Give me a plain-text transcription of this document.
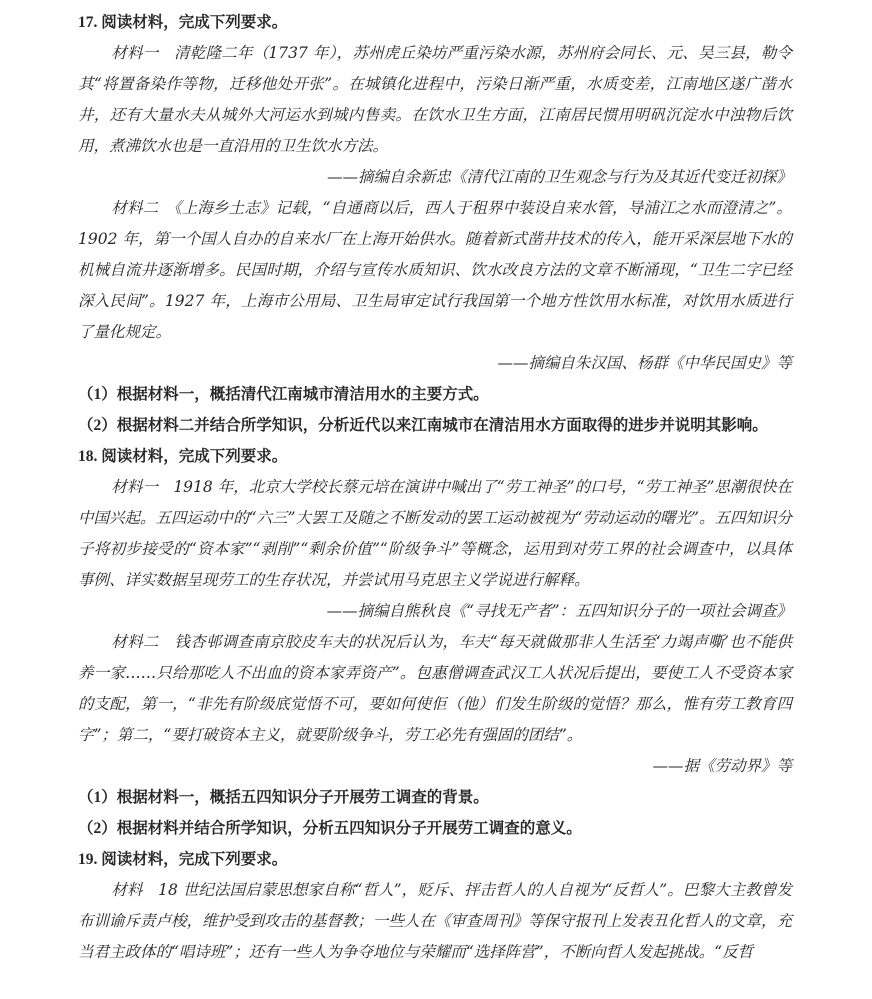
17. 阅读材料，完成下列要求。

材料一　清乾隆二年（1737 年），苏州虎丘染坊严重污染水源，苏州府会同长、元、吴三县，勒令其“将置备染作等物，迁移他处开张”。在城镇化进程中，污染日渐严重，水质变差，江南地区遂广凿水井，还有大量水夫从城外大河运水到城内售卖。在饮水卫生方面，江南居民惯用明矾沉淀水中浊物后饮用，煮沸饮水也是一直沿用的卫生饮水方法。

——摘编自余新忠《清代江南的卫生观念与行为及其近代变迁初探》

材料二　《上海乡土志》记载，“自通商以后，西人于租界中装设自来水管，导浦江之水而澄清之”。1902 年，第一个国人自办的自来水厂在上海开始供水。随着新式凿井技术的传入，能开采深层地下水的机械自流井逐渐增多。民国时期，介绍与宣传水质知识、饮水改良方法的文章不断涌现，“卫生二字已经深入民间”。1927 年，上海市公用局、卫生局审定试行我国第一个地方性饮用水标准，对饮用水质进行了量化规定。

——摘编自朱汉国、杨群《中华民国史》等

（1）根据材料一，概括清代江南城市清洁用水的主要方式。

（2）根据材料二并结合所学知识，分析近代以来江南城市在清洁用水方面取得的进步并说明其影响。

18. 阅读材料，完成下列要求。

材料一　1918 年，北京大学校长蔡元培在演讲中喊出了“劳工神圣”的口号，“劳工神圣”思潮很快在中国兴起。五四运动中的“六三”大罢工及随之不断发动的罢工运动被视为“劳动运动的曙光”。五四知识分子将初步接受的“资本家”“剥削”“剩余价值”“阶级争斗”等概念，运用到对劳工界的社会调查中，以具体事例、详实数据呈现劳工的生存状况，并尝试用马克思主义学说进行解释。

——摘编自熊秋良《“寻找无产者”：五四知识分子的一项社会调查》

材料二　钱杏邨调查南京胶皮车夫的状况后认为，车夫“每天就做那非人生活至‘力竭声嘶’也不能供养一家……只给那吃人不出血的资本家弄资产”。包惠僧调查武汉工人状况后提出，要使工人不受资本家的支配，第一，“非先有阶级底觉悟不可，要如何使佢（他）们发生阶级的觉悟？那么，惟有劳工教育四字”；第二，“要打破资本主义，就要阶级争斗，劳工必先有强固的团结”。

——据《劳动界》等

（1）根据材料一，概括五四知识分子开展劳工调查的背景。

（2）根据材料并结合所学知识，分析五四知识分子开展劳工调查的意义。

19. 阅读材料，完成下列要求。

材料　18 世纪法国启蒙思想家自称“哲人”，贬斥、抨击哲人的人自视为“反哲人”。巴黎大主教曾发布训谕斥责卢梭，维护受到攻击的基督教；一些人在《审查周刊》等保守报刊上发表丑化哲人的文章，充当君主政体的“唱诗班”；还有一些人为争夺地位与荣耀而“选择阵营”，不断向哲人发起挑战。“反哲
